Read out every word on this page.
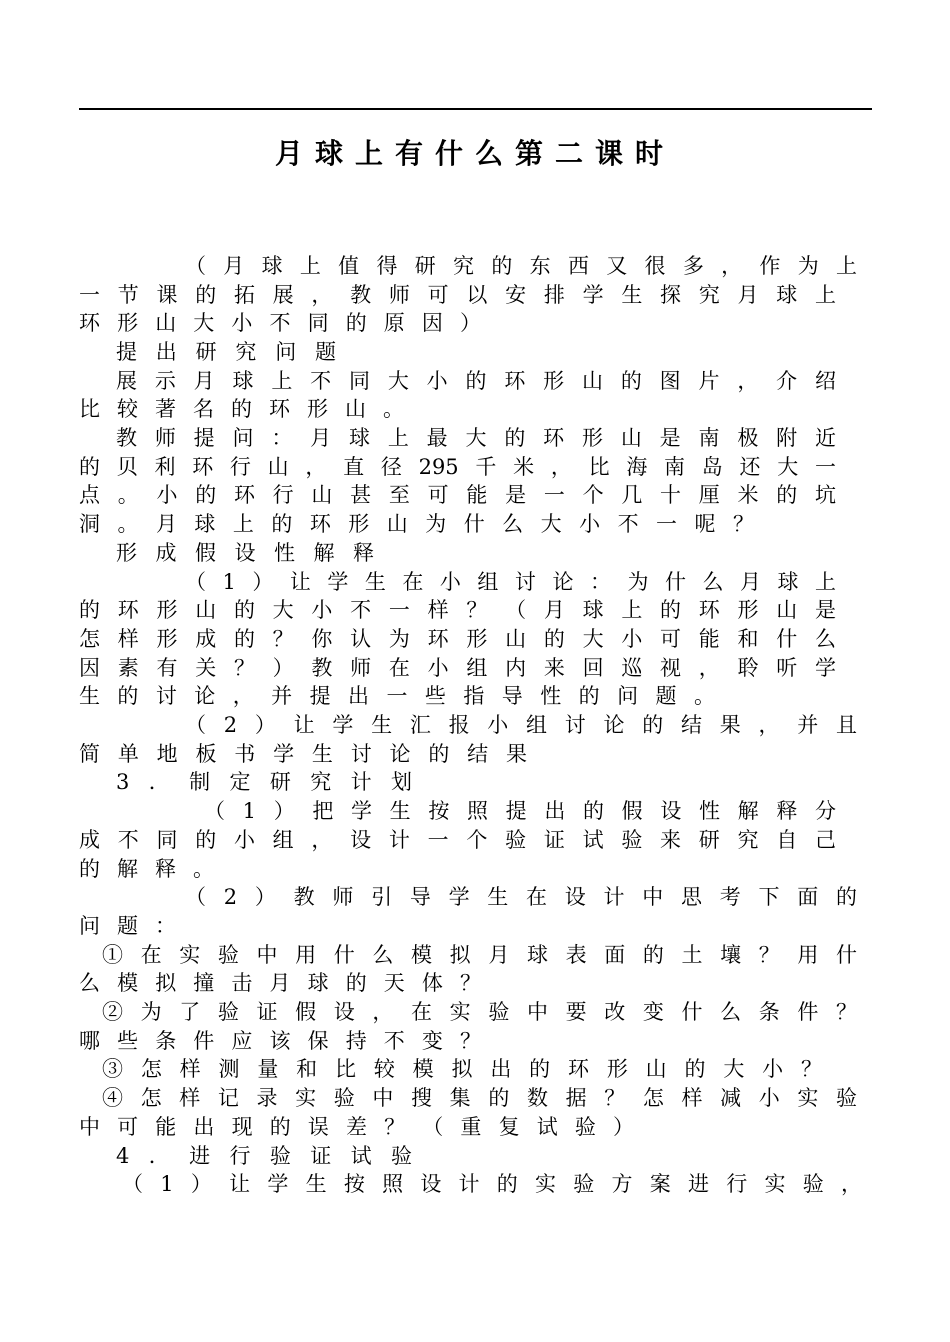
月球上有什么第二课时
（月球上值得研究的东西又很多，作为上
一节课的拓展，教师可以安排学生探究月球上
环形山大小不同的原因）
提出研究问题
展示月球上不同大小的环形山的图片，介绍
比较著名的环形山。
教师提问：月球上最大的环形山是南极附近
的贝利环行山，直径295千米，比海南岛还大一
点。小的环行山甚至可能是一个几十厘米的坑
洞。月球上的环形山为什么大小不一呢？
形成假设性解释
（1）让学生在小组讨论：为什么月球上
的环形山的大小不一样？（月球上的环形山是
怎样形成的？你认为环形山的大小可能和什么
因素有关？）教师在小组内来回巡视，聆听学
生的讨论，并提出一些指导性的问题。
（2）让学生汇报小组讨论的结果，并且
简单地板书学生讨论的结果
3．制定研究计划
（1）把学生按照提出的假设性解释分
成不同的小组，设计一个验证试验来研究自己
的解释。
（2）教师引导学生在设计中思考下面的
问题：
①在实验中用什么模拟月球表面的土壤？用什
么模拟撞击月球的天体？
②为了验证假设，在实验中要改变什么条件？
哪些条件应该保持不变？
③怎样测量和比较模拟出的环形山的大小？
④怎样记录实验中搜集的数据？怎样减小实验
中可能出现的误差？（重复试验）
4．进行验证试验
（1）让学生按照设计的实验方案进行实验，
